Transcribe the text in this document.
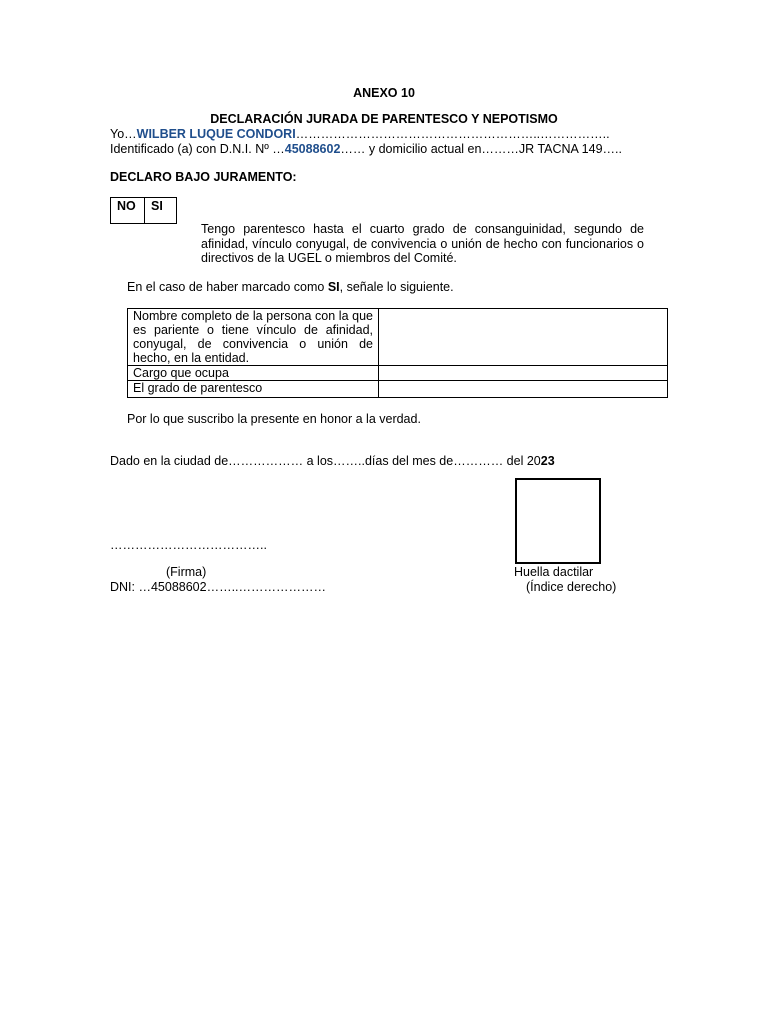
ANEXO 10
DECLARACIÓN JURADA DE PARENTESCO Y NEPOTISMO
Yo…WILBER LUQUE CONDORI…………………………………………………..……………..
Identificado (a) con D.N.I. Nº …45088602…… y domicilio actual en………JR TACNA 149…..
DECLARO BAJO JURAMENTO:
NO	SI
Tengo parentesco hasta el cuarto grado de consanguinidad, segundo de afinidad, vínculo conyugal, de convivencia o unión de hecho con funcionarios o directivos de la UGEL o miembros del Comité.
En el caso de haber marcado como SI, señale lo siguiente.
Nombre completo de la persona con la que es pariente o tiene vínculo de afinidad, conyugal, de convivencia o unión de hecho, en la entidad.	
Cargo que ocupa	
El grado de parentesco	
Por lo que suscribo la presente en honor a la verdad.
Dado en la ciudad de……………… a los……..días del mes de………… del 2023
………………………………..
(Firma)
DNI: …45088602……..…………………
Huella dactilar
(Índice derecho)
